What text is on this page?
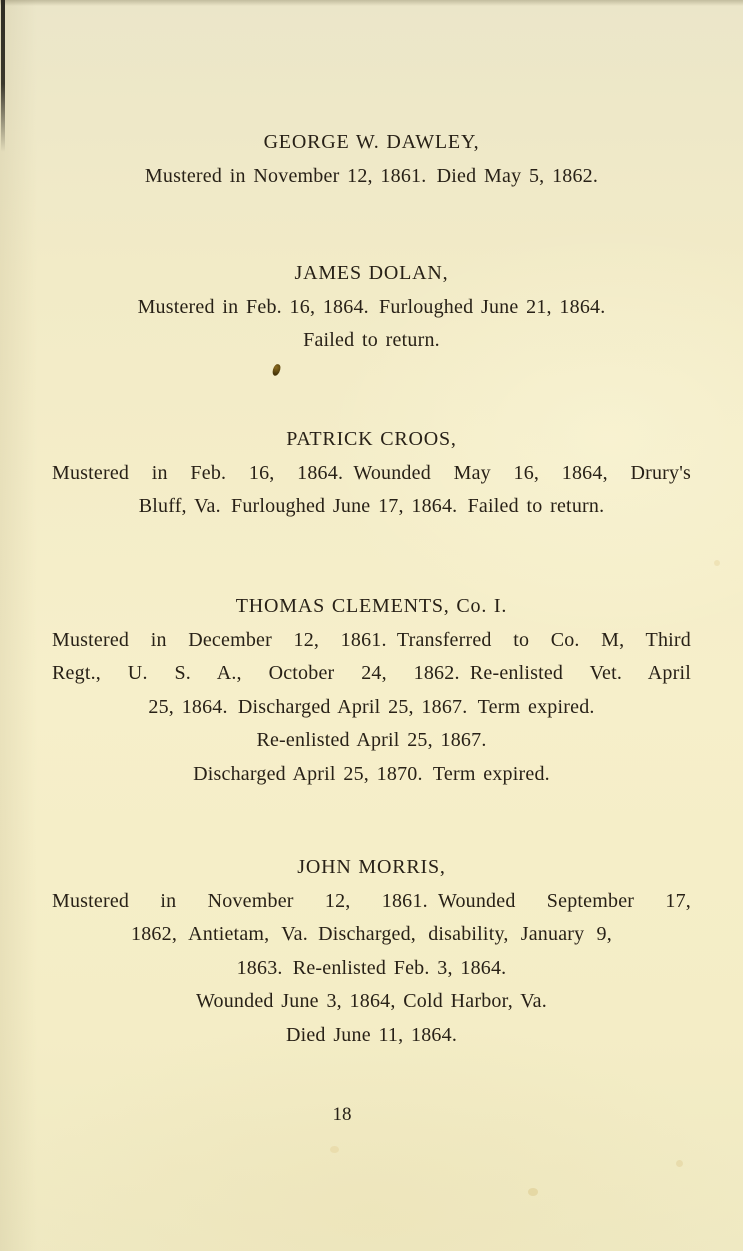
GEORGE W. DAWLEY,

Mustered in November 12, 1861. Died May 5, 1862.

JAMES DOLAN,

Mustered in Feb. 16, 1864. Furloughed June 21, 1864.

Failed to return.

PATRICK CROOS,

Mustered in Feb. 16, 1864. Wounded May 16, 1864, Drury's

Bluff, Va. Furloughed June 17, 1864. Failed to return.

THOMAS CLEMENTS, Co. I.

Mustered in December 12, 1861. Transferred to Co. M, Third

Regt., U. S. A., October 24, 1862. Re-enlisted Vet. April

25, 1864. Discharged April 25, 1867. Term expired.

Re-enlisted April 25, 1867.

Discharged April 25, 1870. Term expired.

JOHN MORRIS,

Mustered in November 12, 1861. Wounded September 17,

1862, Antietam, Va. Discharged, disability, January 9,

1863. Re-enlisted Feb. 3, 1864.

Wounded June 3, 1864, Cold Harbor, Va.

Died June 11, 1864.

18
